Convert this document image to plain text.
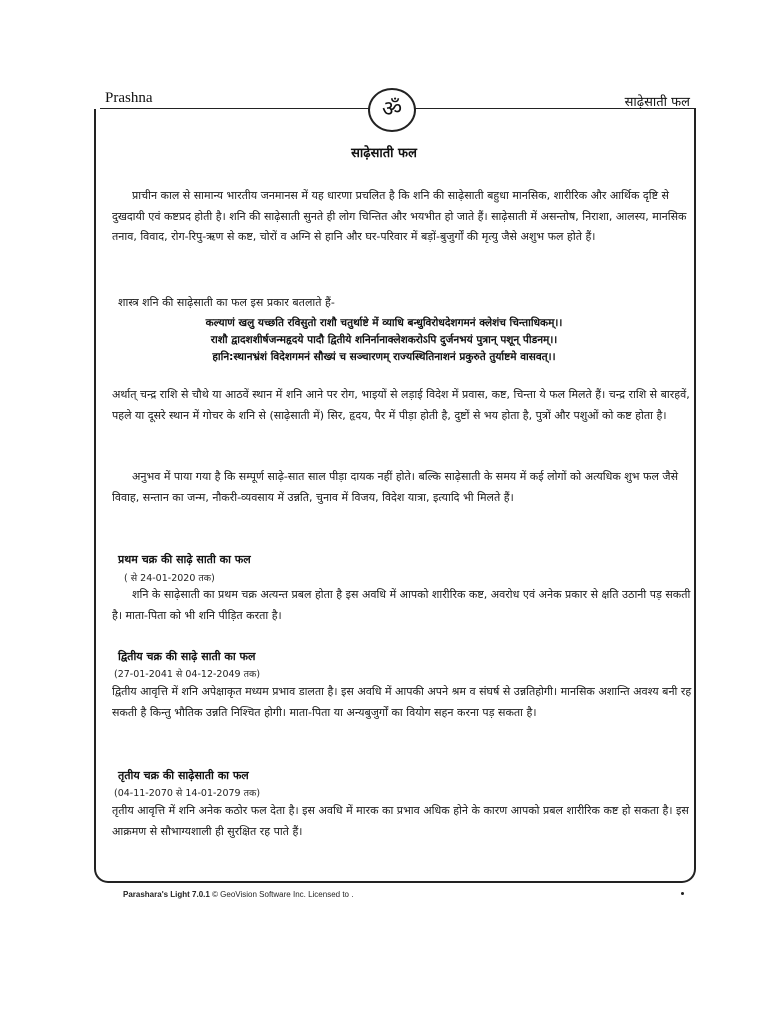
Prashna	साढ़ेसाती फल
ॐ
साढ़ेसाती फल
प्राचीन काल से सामान्य भारतीय जनमानस में यह धारणा प्रचलित है कि शनि की साढ़ेसाती बहुधा मानसिक, शारीरिक और आर्थिक दृष्टि से दुखदायी एवं कष्टप्रद होती है। शनि की साढ़ेसाती सुनते ही लोग चिन्तित और भयभीत हो जाते हैं। साढ़ेसाती में असन्तोष, निराशा, आलस्य, मानसिक तनाव, विवाद, रोग-रिपु-ऋण से कष्ट, चोरों व अग्नि से हानि और घर-परिवार में बड़ों-बुजुर्गों की मृत्यु जैसे अशुभ फल होते हैं।
शास्त्र शनि की साढ़ेसाती का फल इस प्रकार बतलाते हैं-
कल्याणं खलु यच्छति रविसुतो राशौ चतुर्थाष्टे में व्याधि बन्धुविरोधदेशगमनं क्लेशंच चिन्ताधिकम्।।
राशौ द्वादशशीर्षजन्महृदये पादौ द्वितीये शनिर्नानाक्लेशकरोऽपि दुर्जनभयं पुत्रान् पशून् पीडनम्।।
हानि:स्थानभ्रंशं विदेशगमनं सौख्यं च सञ्चारणम् राज्यस्थितिनाशनं प्रकुरुते तुर्याष्टमे वासवत्।।
अर्थात् चन्द्र राशि से चौथे या आठवें स्थान में शनि आने पर रोग, भाइयों से लड़ाई विदेश में प्रवास, कष्ट, चिन्ता ये फल मिलते हैं। चन्द्र राशि से बारहवें, पहले या दूसरे स्थान में गोचर के शनि से (साढ़ेसाती में) सिर, हृदय, पैर में पीड़ा होती है, दुष्टों से भय होता है, पुत्रों और पशुओं को कष्ट होता है।
अनुभव में पाया गया है कि सम्पूर्ण साढ़े-सात साल पीड़ा दायक नहीं होते। बल्कि साढ़ेसाती के समय में कई लोगों को अत्यधिक शुभ फल जैसे विवाह, सन्तान का जन्म, नौकरी-व्यवसाय में उन्नति, चुनाव में विजय, विदेश यात्रा, इत्यादि भी मिलते हैं।
प्रथम चक्र की साढ़े साती का फल
( से 24-01-2020 तक)
शनि के साढ़ेसाती का प्रथम चक्र अत्यन्त प्रबल होता है इस अवधि में आपको शारीरिक कष्ट, अवरोध एवं अनेक प्रकार से क्षति उठानी पड़ सकती है। माता-पिता को भी शनि पीड़ित करता है।
द्वितीय चक्र की साढ़े साती का फल
(27-01-2041 से 04-12-2049 तक)
द्वितीय आवृत्ति में शनि अपेक्षाकृत मध्यम प्रभाव डालता है। इस अवधि में आपकी अपने श्रम व संघर्ष से उन्नतिहोगी। मानसिक अशान्ति अवश्य बनी रह सकती है किन्तु भौतिक उन्नति निश्चित होगी। माता-पिता या अन्यबुजुर्गों का वियोग सहन करना पड़ सकता है।
तृतीय चक्र की साढ़ेसाती का फल
(04-11-2070 से 14-01-2079 तक)
तृतीय आवृत्ति में शनि अनेक कठोर फल देता है। इस अवधि में मारक का प्रभाव अधिक होने के कारण आपको प्रबल शारीरिक कष्ट हो सकता है। इस आक्रमण से सौभाग्यशाली ही सुरक्षित रह पाते हैं।
Parashara's Light 7.0.1 © GeoVision Software Inc. Licensed to .
